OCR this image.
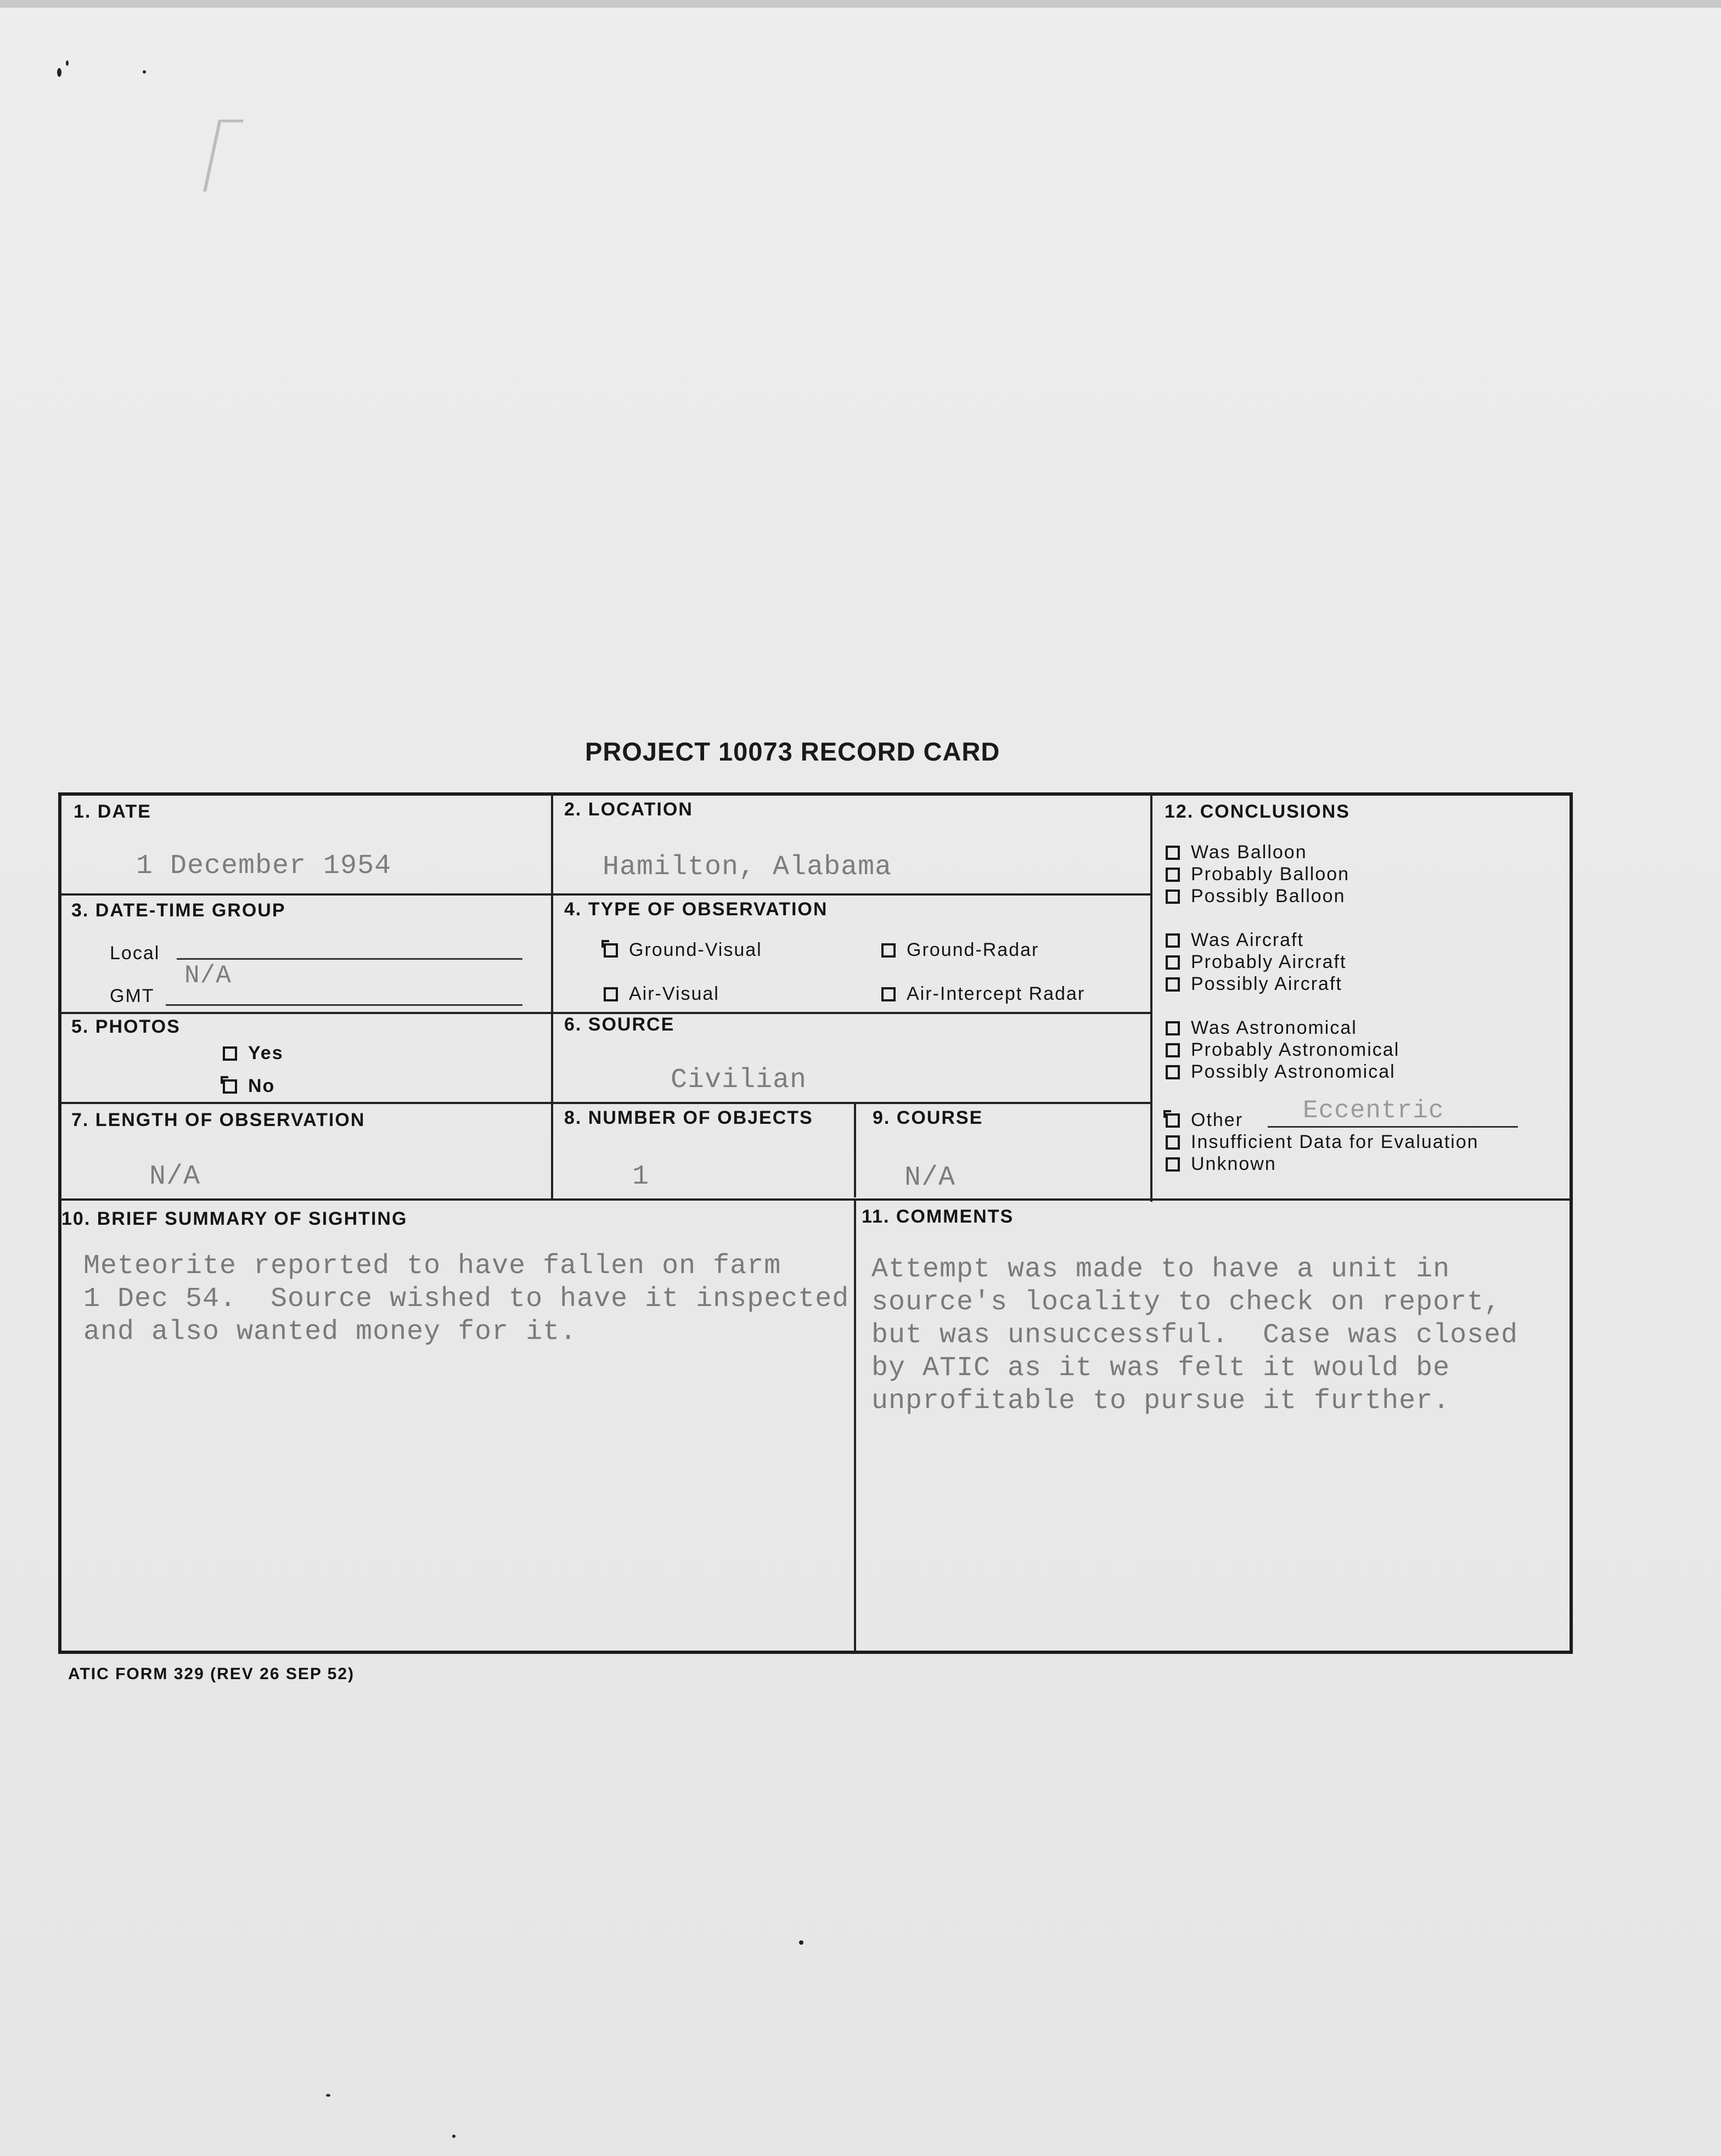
PROJECT 10073 RECORD CARD
1. DATE
1 December 1954
2. LOCATION
Hamilton, Alabama
3. DATE-TIME GROUP
Local
N/A
GMT
4. TYPE OF OBSERVATION
Ground-Visual	Ground-Radar
Air-Visual	Air-Intercept Radar
5. PHOTOS
Yes
No
6. SOURCE
Civilian
7. LENGTH OF OBSERVATION
N/A
8. NUMBER OF OBJECTS
1
9. COURSE
N/A
12. CONCLUSIONS
Was Balloon
Probably Balloon
Possibly Balloon
Was Aircraft
Probably Aircraft
Possibly Aircraft
Was Astronomical
Probably Astronomical
Possibly Astronomical
Other Eccentric
Insufficient Data for Evaluation
Unknown
10. BRIEF SUMMARY OF SIGHTING
Meteorite reported to have fallen on farm
1 Dec 54.  Source wished to have it inspected
and also wanted money for it.
11. COMMENTS
Attempt was made to have a unit in
source's locality to check on report,
but was unsuccessful.  Case was closed
by ATIC as it was felt it would be
unprofitable to pursue it further.
ATIC FORM 329 (REV 26 SEP 52)
